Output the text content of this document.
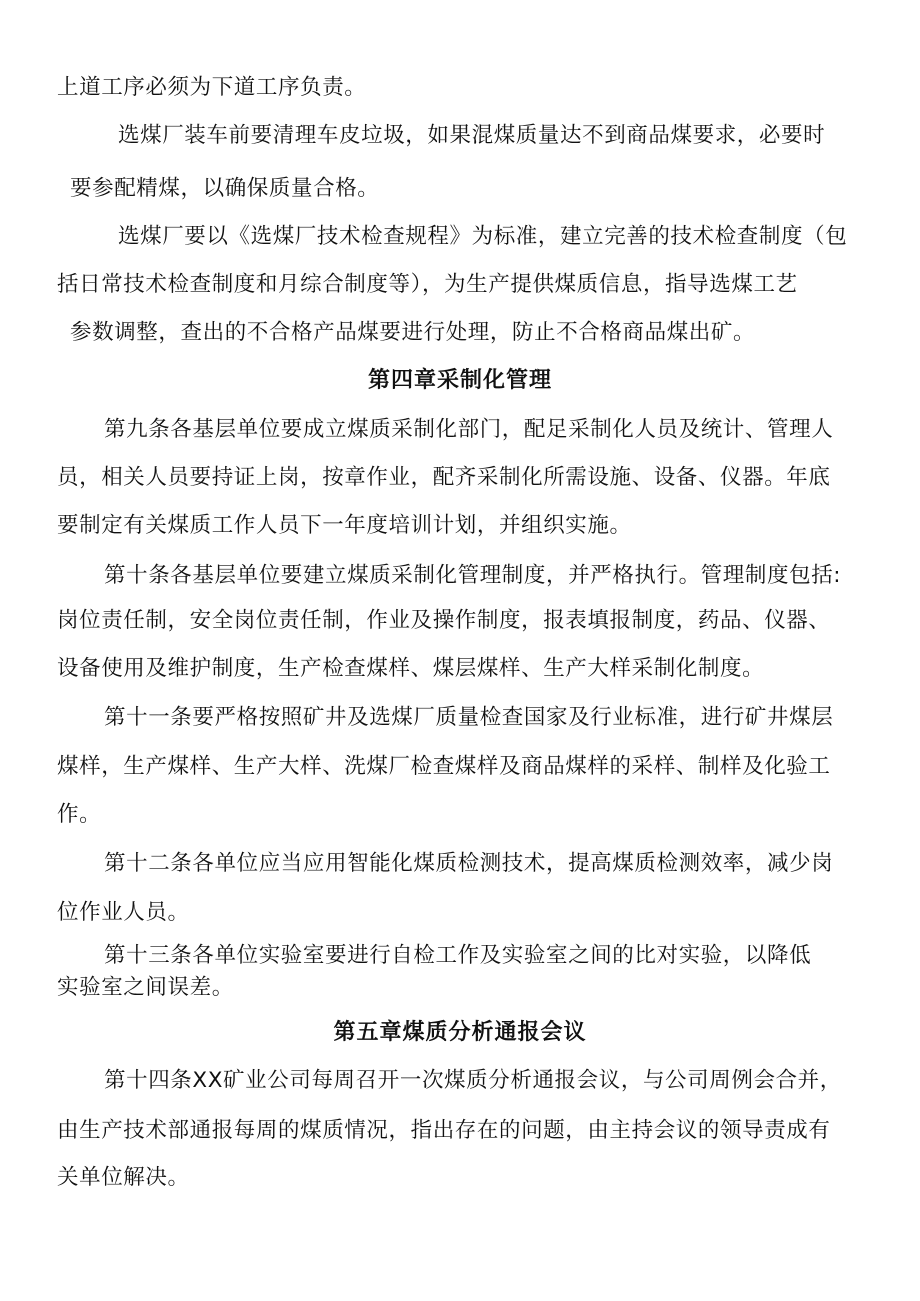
上道工序必须为下道工序负责。
选煤厂装车前要清理车皮垃圾，如果混煤质量达不到商品煤要求，必要时
要参配精煤，以确保质量合格。
选煤厂要以《选煤厂技术检查规程》为标准，建立完善的技术检查制度（包
括日常技术检查制度和月综合制度等），为生产提供煤质信息，指导选煤工艺
参数调整，查出的不合格产品煤要进行处理，防止不合格商品煤出矿。
第四章采制化管理
第九条各基层单位要成立煤质采制化部门，配足采制化人员及统计、管理人
员，相关人员要持证上岗，按章作业，配齐采制化所需设施、设备、仪器。年底
要制定有关煤质工作人员下一年度培训计划，并组织实施。
第十条各基层单位要建立煤质采制化管理制度，并严格执行。管理制度包括:
岗位责任制，安全岗位责任制，作业及操作制度，报表填报制度，药品、仪器、
设备使用及维护制度，生产检查煤样、煤层煤样、生产大样采制化制度。
第十一条要严格按照矿井及选煤厂质量检查国家及行业标准，进行矿井煤层
煤样，生产煤样、生产大样、洗煤厂检查煤样及商品煤样的采样、制样及化验工
作。
第十二条各单位应当应用智能化煤质检测技术，提高煤质检测效率，减少岗
位作业人员。
第十三条各单位实验室要进行自检工作及实验室之间的比对实验，以降低
实验室之间误差。
第五章煤质分析通报会议
第十四条XX矿业公司每周召开一次煤质分析通报会议，与公司周例会合并，
由生产技术部通报每周的煤质情况，指出存在的问题，由主持会议的领导责成有
关单位解决。
